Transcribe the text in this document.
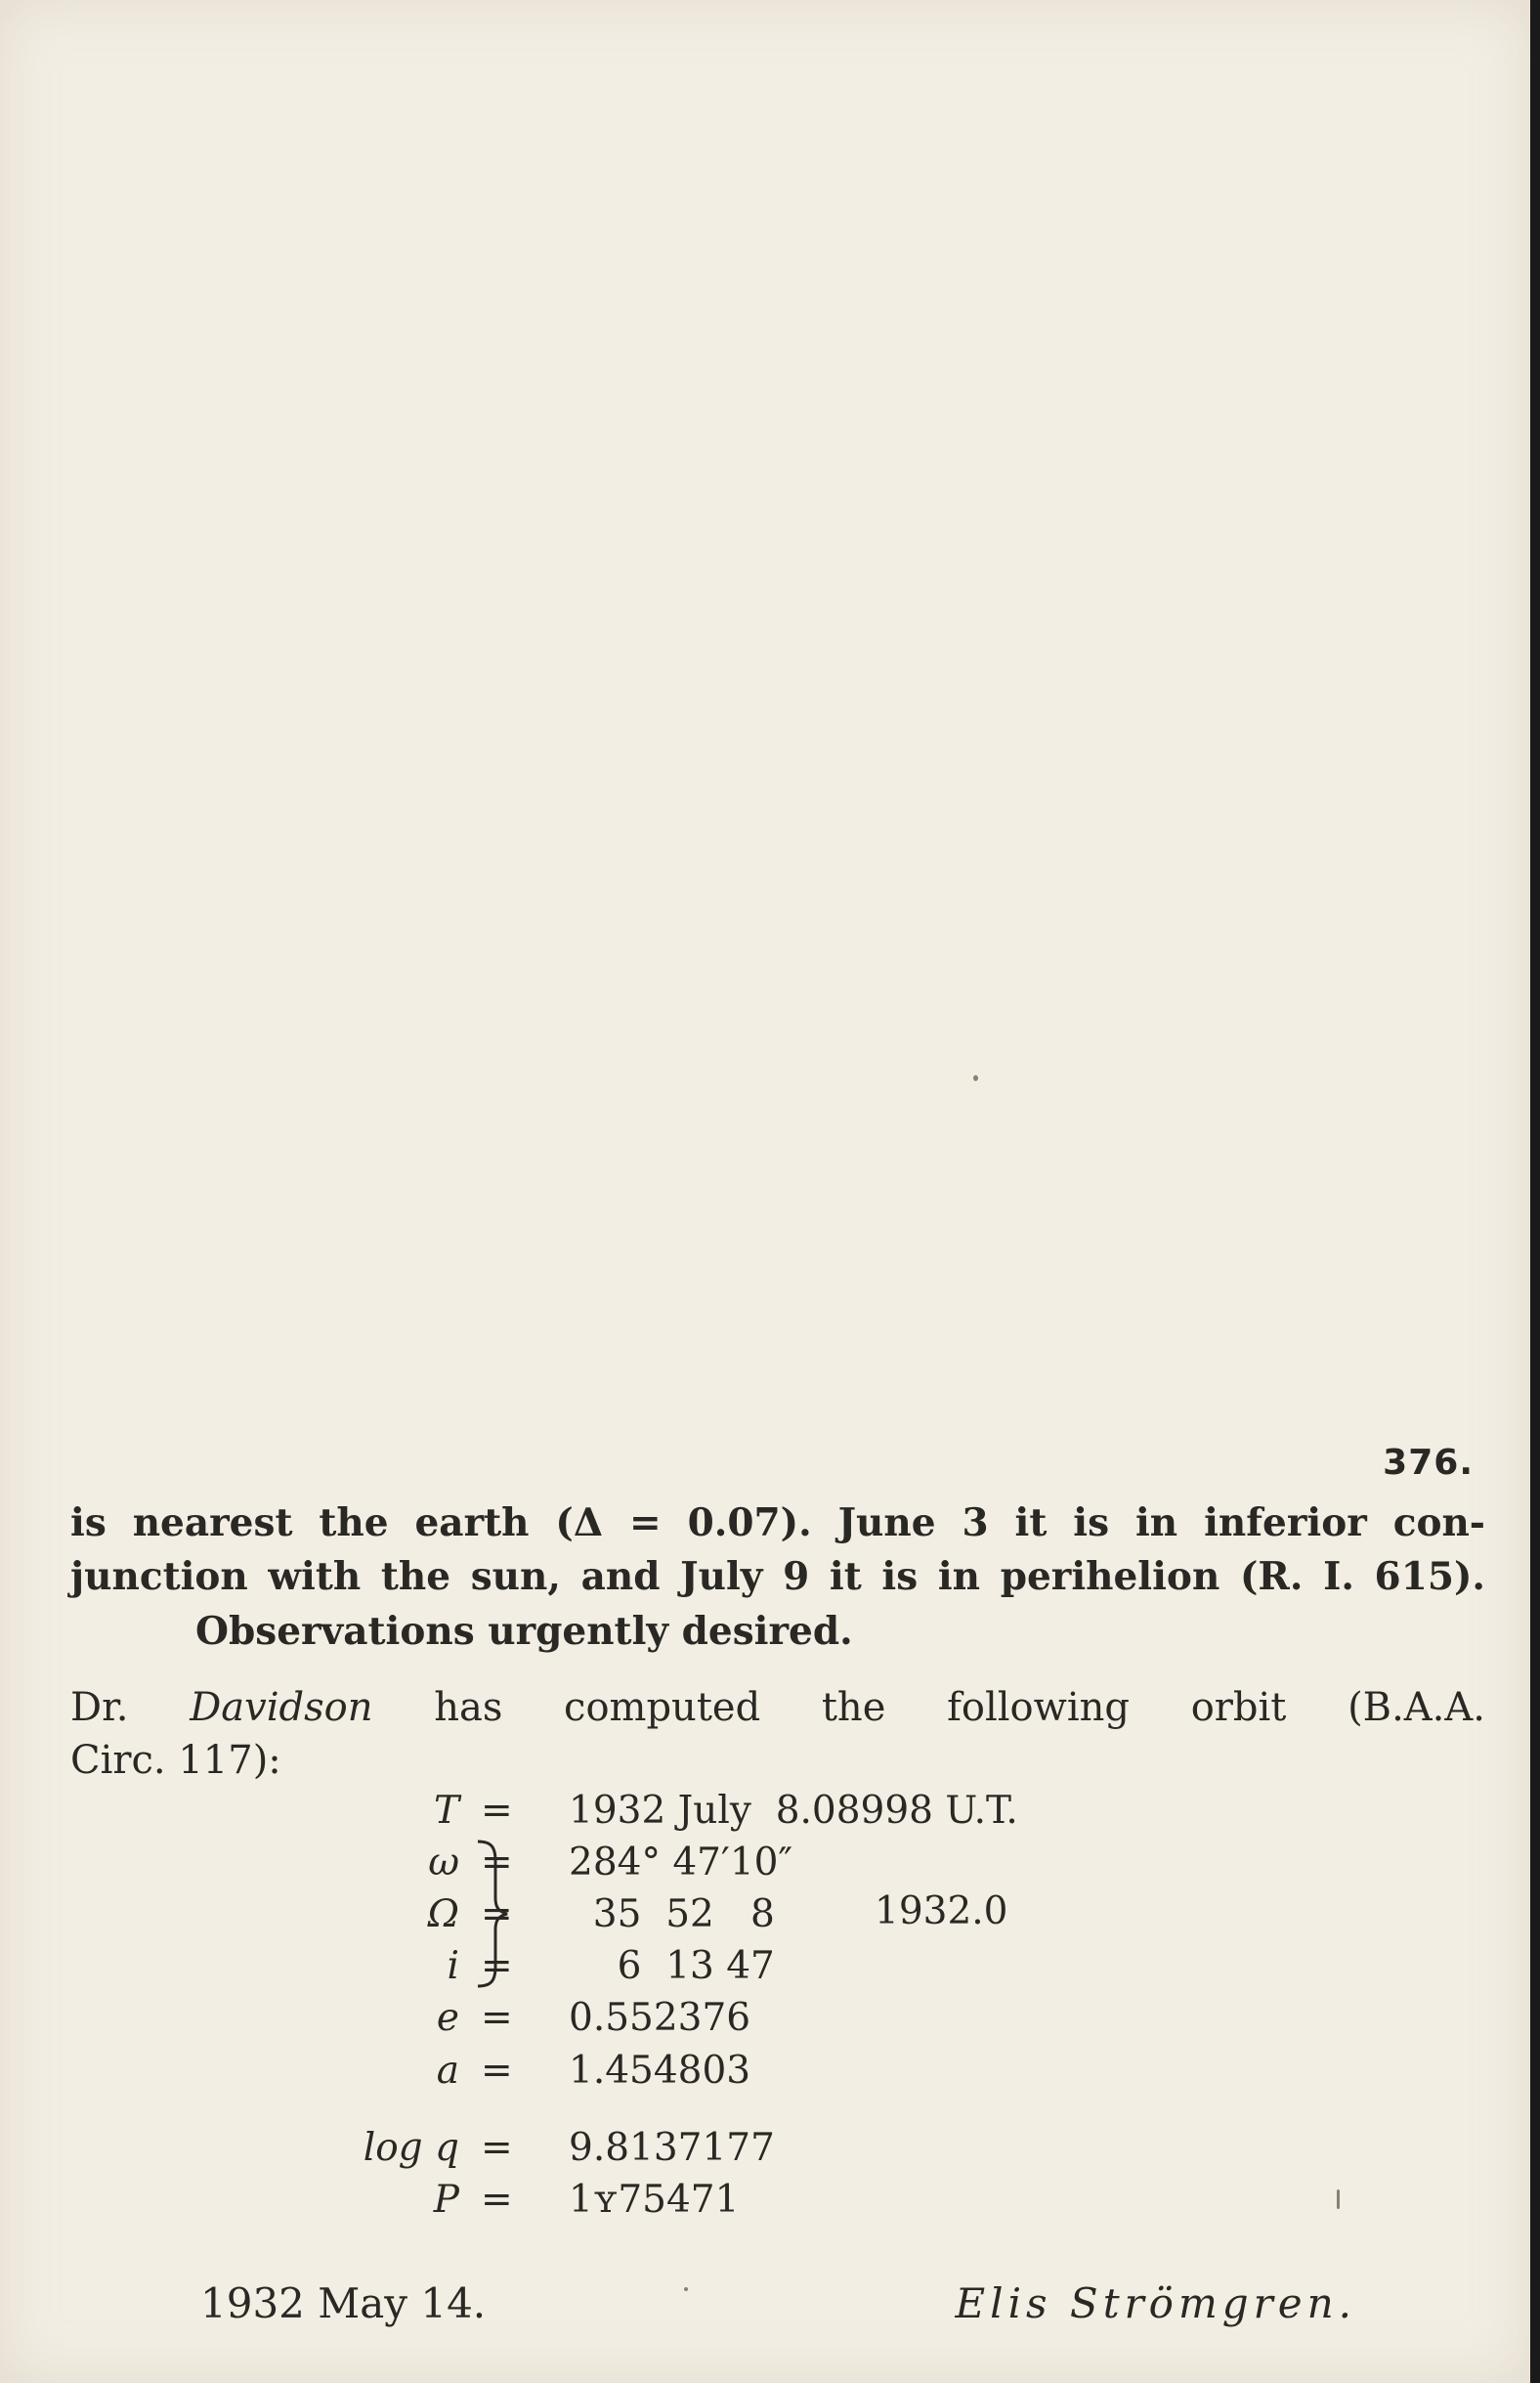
376.
is nearest the earth (Δ = 0.07). June 3 it is in inferior con-
junction with the sun, and July 9 it is in perihelion (R. I. 615).
Observations urgently desired.
Dr. Davidson has computed the following orbit (B.A.A.
Circ. 117):
T = 1932 July  8.08998 U.T.
ω = 284° 47′10″
Ω = 35  52   8
i = 6  13 47
e = 0.552376
a = 1.454803
log q = 9.8137177
P = 1ʏ75471
1932.0
1932 May 14.	Elis Strömgren.
